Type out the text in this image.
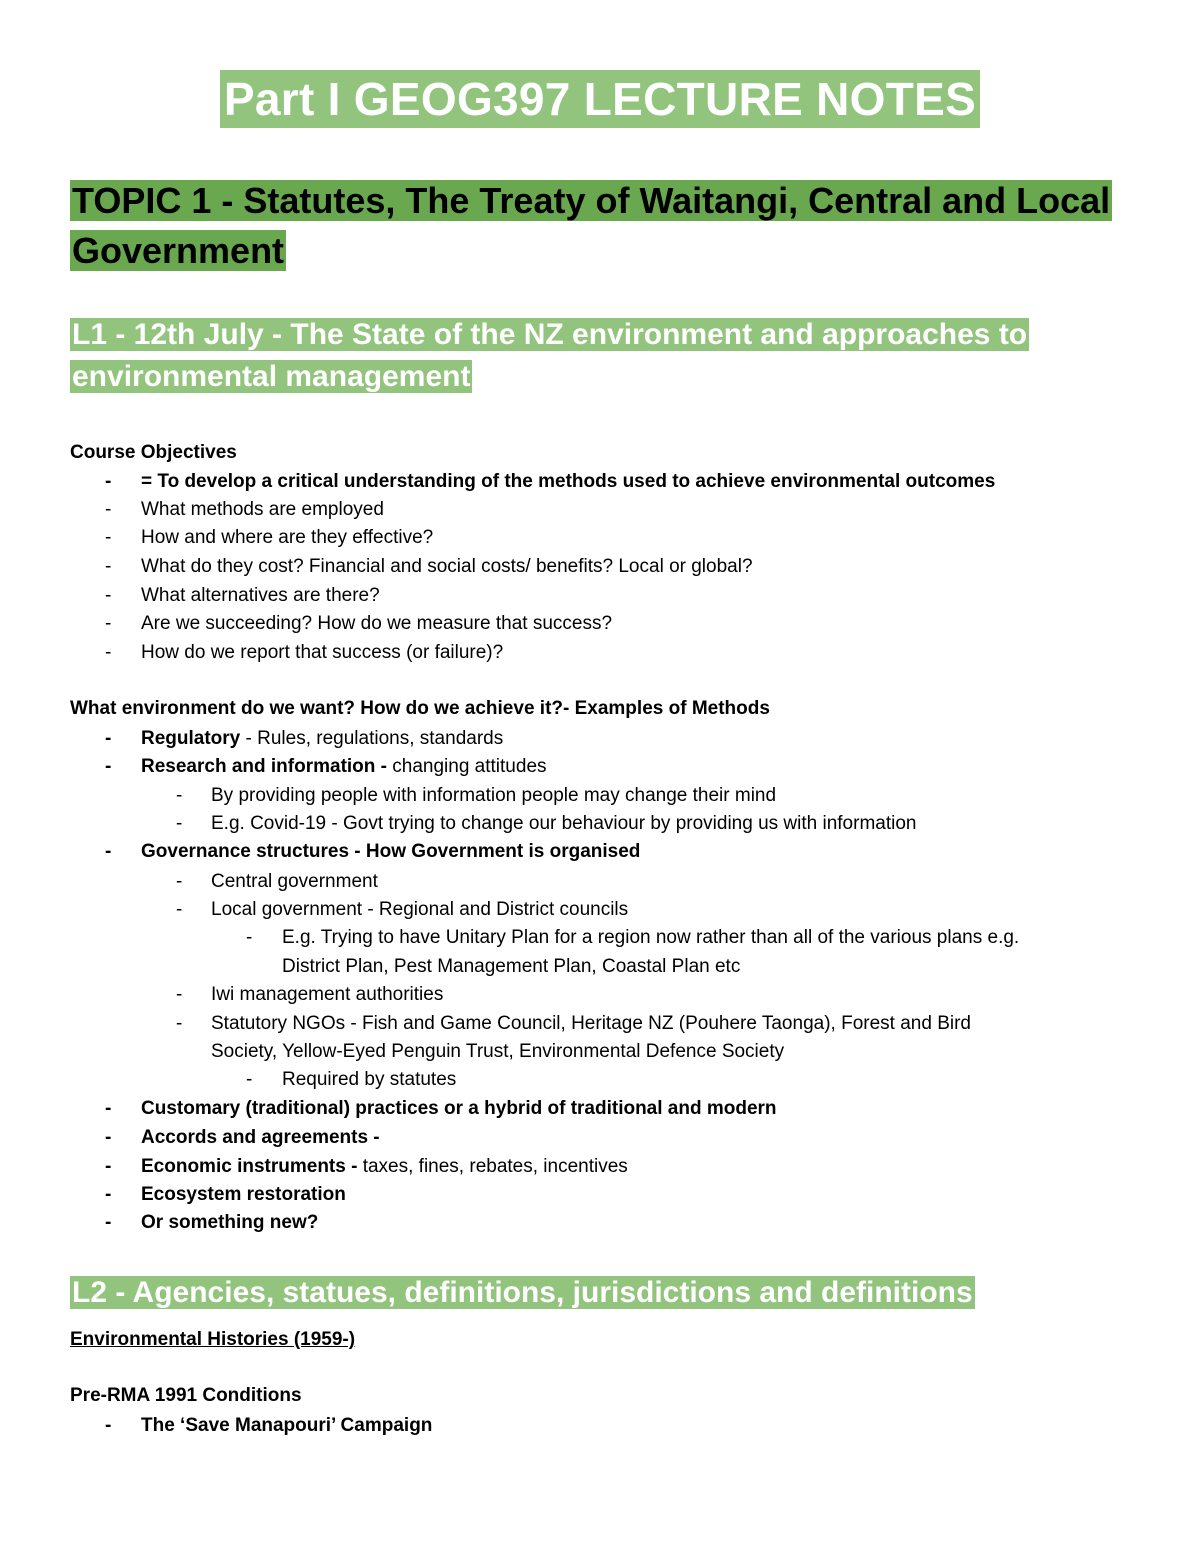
Part I GEOG397 LECTURE NOTES
TOPIC 1 - Statutes, The Treaty of Waitangi, Central and Local Government
L1 - 12th July - The State of the NZ environment and approaches to environmental management
Course Objectives
- = To develop a critical understanding of the methods used to achieve environmental outcomes
- What methods are employed
- How and where are they effective?
- What do they cost? Financial and social costs/ benefits? Local or global?
- What alternatives are there?
- Are we succeeding? How do we measure that success?
- How do we report that success (or failure)?
What environment do we want? How do we achieve it?- Examples of Methods
- Regulatory - Rules, regulations, standards
- Research and information - changing attitudes
- By providing people with information people may change their mind
- E.g. Covid-19 - Govt trying to change our behaviour by providing us with information
- Governance structures - How Government is organised
- Central government
- Local government - Regional and District councils
- E.g. Trying to have Unitary Plan for a region now rather than all of the various plans e.g.
District Plan, Pest Management Plan, Coastal Plan etc
- Iwi management authorities
- Statutory NGOs - Fish and Game Council, Heritage NZ (Pouhere Taonga), Forest and Bird
Society, Yellow-Eyed Penguin Trust, Environmental Defence Society
- Required by statutes
- Customary (traditional) practices or a hybrid of traditional and modern
- Accords and agreements -
- Economic instruments - taxes, fines, rebates, incentives
- Ecosystem restoration
- Or something new?
L2 - Agencies, statues, definitions, jurisdictions and definitions
Environmental Histories (1959-)
Pre-RMA 1991 Conditions
- The ‘Save Manapouri’ Campaign
